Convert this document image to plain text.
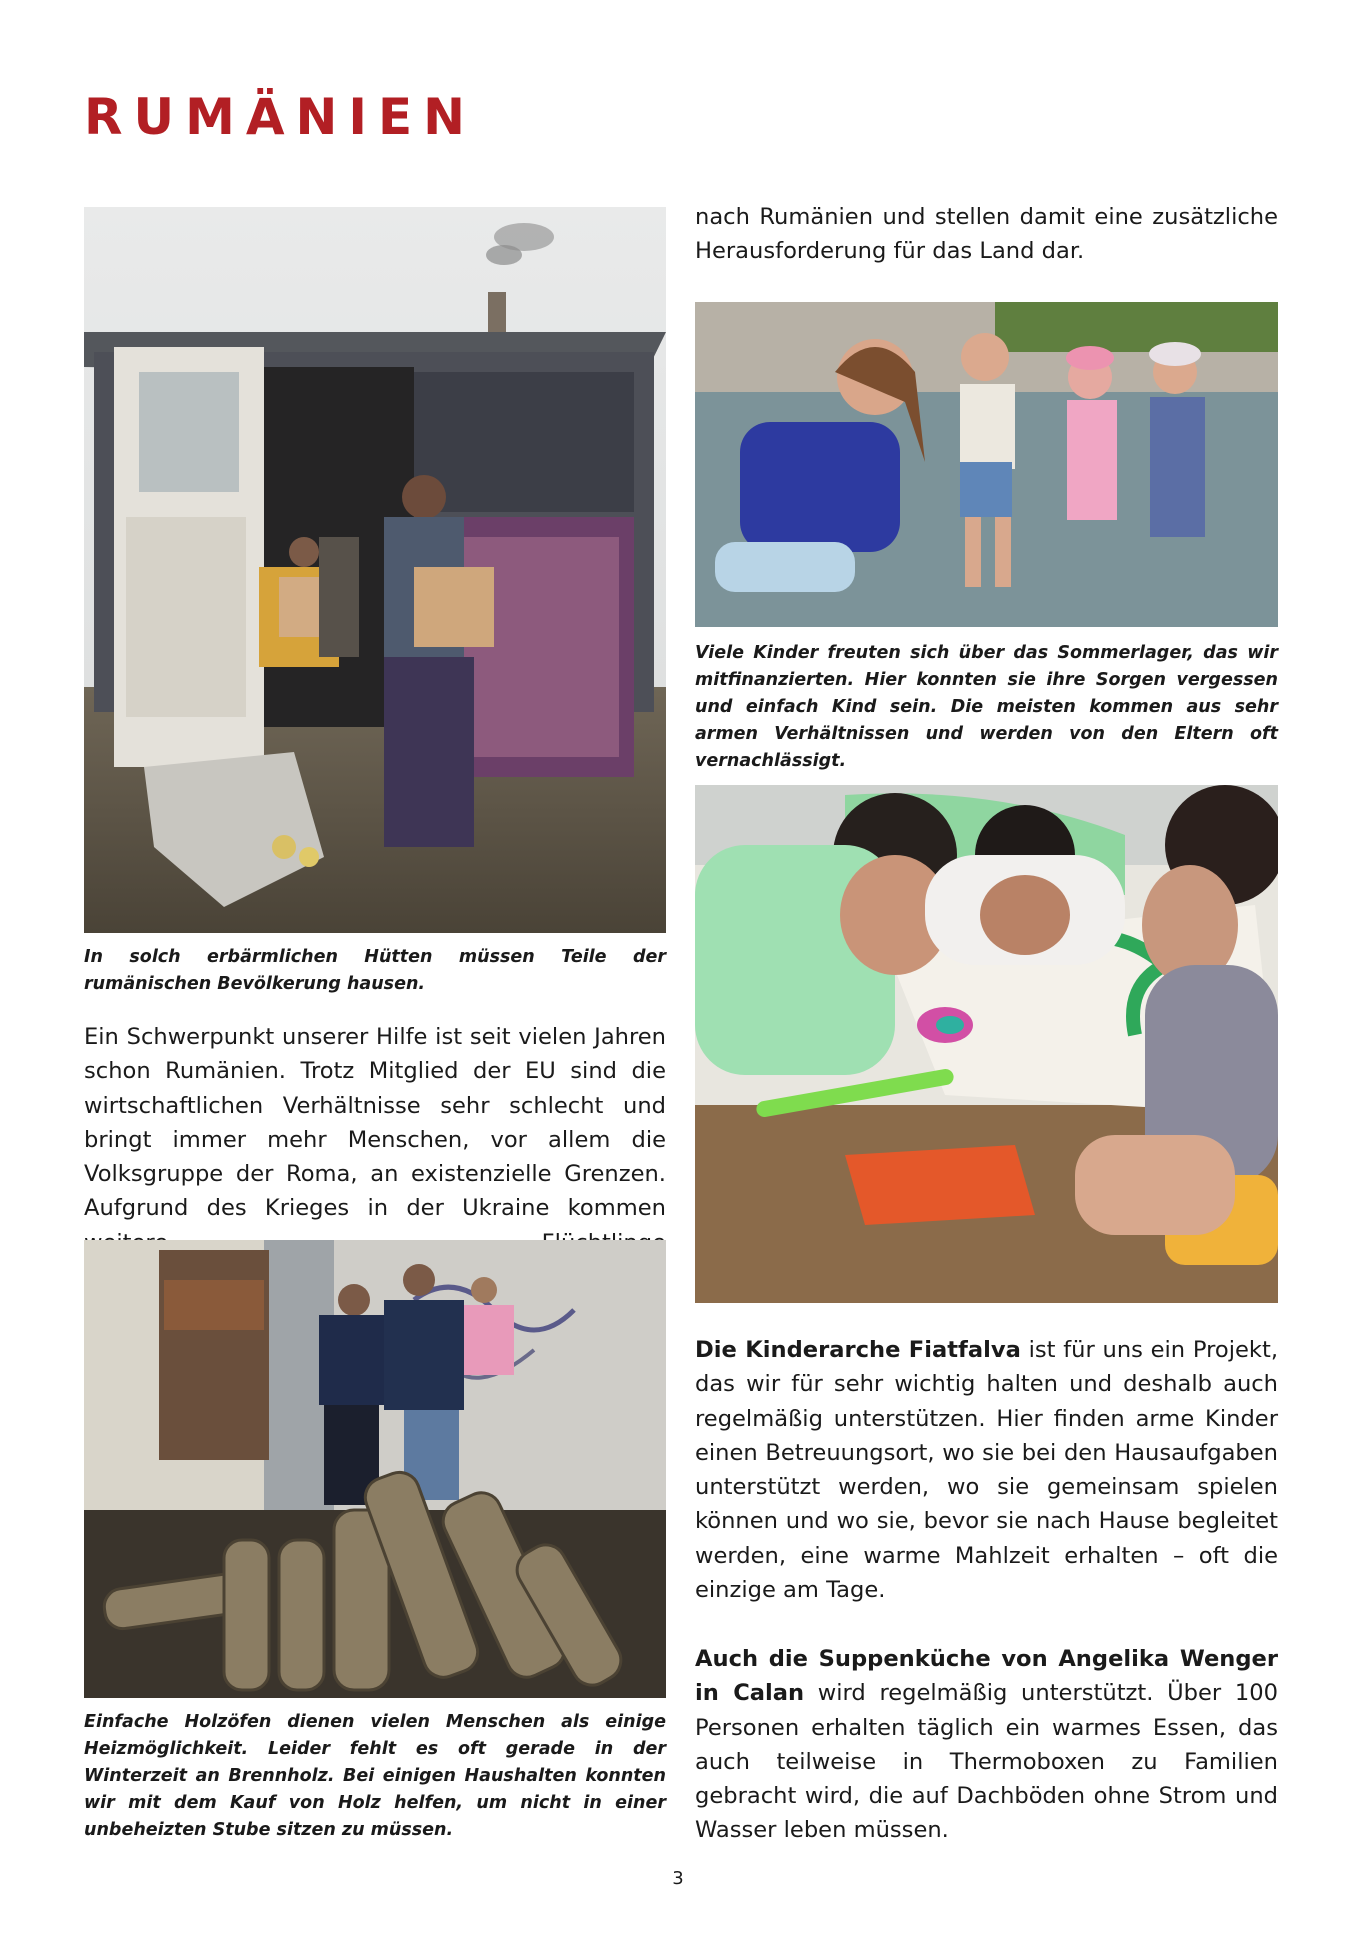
RUMÄNIEN

In solch erbärmlichen Hütten müssen Teile der rumänischen Bevölkerung hausen.

Ein Schwerpunkt unserer Hilfe ist seit vielen Jahren schon Rumänien. Trotz Mitglied der EU sind die wirtschaftlichen Verhältnisse sehr schlecht und bringt immer mehr Menschen, vor allem die Volksgruppe der Roma, an existenzielle Grenzen. Aufgrund des Krieges in der Ukraine kommen

Einfache Holzöfen dienen vielen Menschen als einige Heizmöglichkeit. Leider fehlt es oft gerade in der Winterzeit an Brennholz. Bei einigen Haushalten konnten wir mit dem Kauf von Holz helfen, um nicht in einer unbeheizten Stube sitzen zu müssen.

nach Rumänien und stellen damit eine zusätzliche Herausforderung für das Land dar.

Viele Kinder freuten sich über das Sommerlager, das wir mitfinanzierten. Hier konnten sie ihre Sorgen vergessen und einfach Kind sein. Die meisten kommen aus sehr armen Verhältnissen und werden von den Eltern oft vernachlässigt.

Die Kinderarche Fiatfalva ist für uns ein Projekt, das wir für sehr wichtig halten und deshalb auch regelmäßig unterstützen. Hier finden arme Kinder einen Betreuungsort, wo sie bei den Hausaufgaben unterstützt werden, wo sie gemeinsam spielen können und wo sie, bevor sie nach Hause begleitet werden, eine warme Mahlzeit erhalten – oft die einzige am Tage.

Auch die Suppenküche von Angelika Wenger in Calan wird regelmäßig unterstützt. Über 100 Personen erhalten täglich ein warmes Essen, das auch teilweise in Thermoboxen zu Familien gebracht wird, die auf Dachböden ohne Strom und Wasser leben müssen.

3
